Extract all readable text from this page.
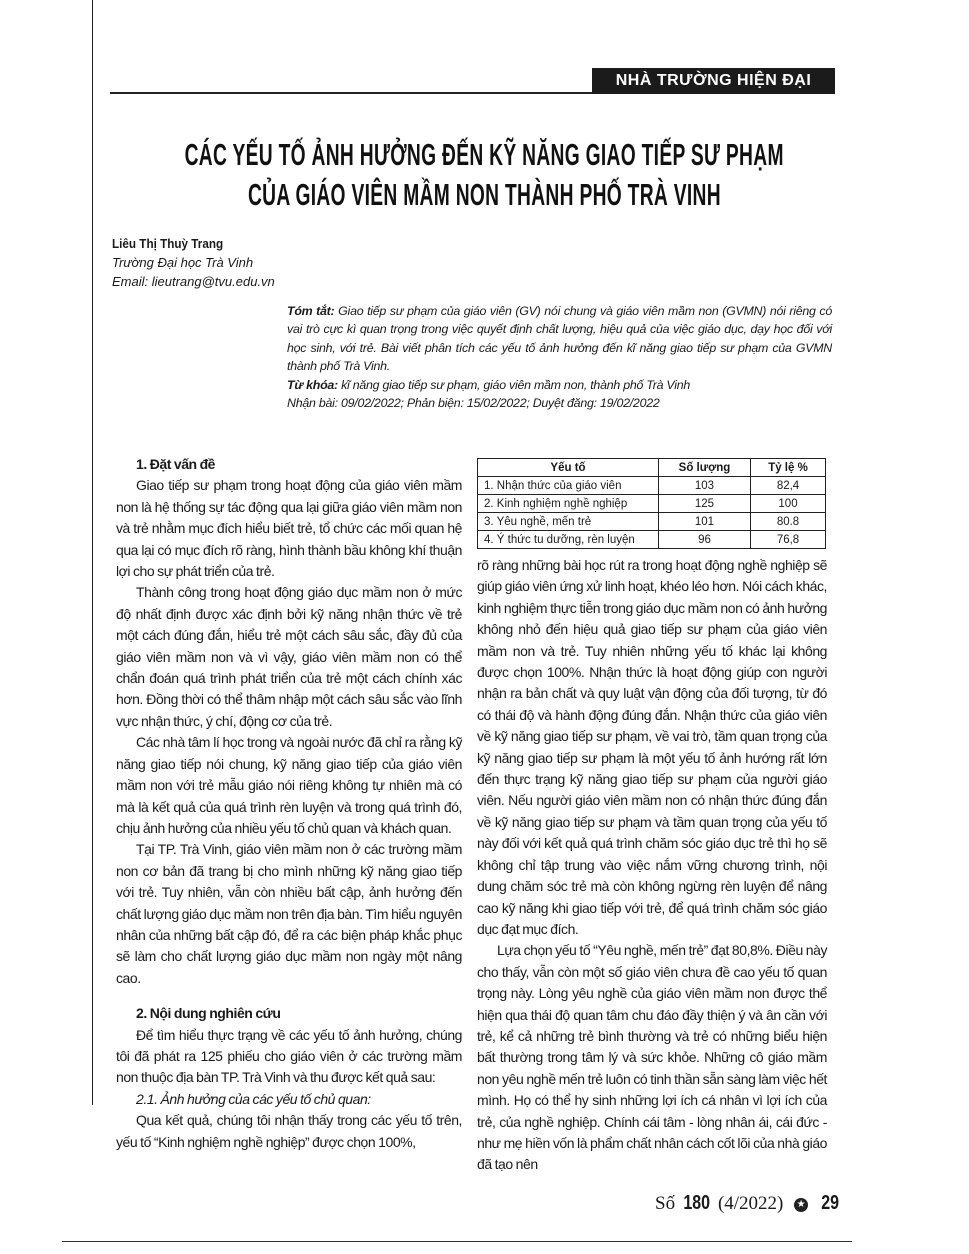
NHÀ TRƯỜNG HIỆN ĐẠI
CÁC YẾU TỐ ẢNH HƯỞNG ĐẾN KỸ NĂNG GIAO TIẾP SƯ PHẠM
CỦA GIÁO VIÊN MẦM NON THÀNH PHỐ TRÀ VINH
Liêu Thị Thuỳ Trang
Trường Đại học Trà Vinh
Email: lieutrang@tvu.edu.vn
Tóm tắt: Giao tiếp sư phạm của giáo viên (GV) nói chung và giáo viên mầm non (GVMN) nói riêng có vai trò cực kì quan trọng trong việc quyết định chất lượng, hiệu quả của việc giáo dục, dạy học đối với học sinh, với trẻ. Bài viết phân tích các yếu tố ảnh hưởng đến kĩ năng giao tiếp sư phạm của GVMN thành phố Trà Vinh.
Từ khóa: kĩ năng giao tiếp sư phạm, giáo viên mầm non, thành phố Trà Vinh
Nhận bài: 09/02/2022; Phản biện: 15/02/2022; Duyệt đăng: 19/02/2022
1. Đặt vấn đề

Giao tiếp sư phạm trong hoạt động của giáo viên mầm non là hệ thống sự tác động qua lại giữa giáo viên mầm non và trẻ nhằm mục đích hiểu biết trẻ, tổ chức các mối quan hệ qua lại có mục đích rõ ràng, hình thành bầu không khí thuận lợi cho sự phát triển của trẻ.

Thành công trong hoạt động giáo dục mầm non ở mức độ nhất định được xác định bởi kỹ năng nhận thức về trẻ một cách đúng đắn, hiểu trẻ một cách sâu sắc, đầy đủ của giáo viên mầm non và vì vậy, giáo viên mầm non có thể chẩn đoán quá trình phát triển của trẻ một cách chính xác hơn. Đồng thời có thể thâm nhập một cách sâu sắc vào lĩnh vực nhận thức, ý chí, động cơ của trẻ.

Các nhà tâm lí học trong và ngoài nước đã chỉ ra rằng kỹ năng giao tiếp nói chung, kỹ năng giao tiếp của giáo viên mầm non với trẻ mẫu giáo nói riêng không tự nhiên mà có mà là kết quả của quá trình rèn luyện và trong quá trình đó, chịu ảnh hưởng của nhiều yếu tố chủ quan và khách quan.

Tại TP. Trà Vinh, giáo viên mầm non ở các trường mầm non cơ bản đã trang bị cho mình những kỹ năng giao tiếp với trẻ. Tuy nhiên, vẫn còn nhiều bất cập, ảnh hưởng đến chất lượng giáo dục mầm non trên địa bàn. Tìm hiểu nguyên nhân của những bất cập đó, để ra các biện pháp khắc phục sẽ làm cho chất lượng giáo dục mầm non ngày một nâng cao.

2. Nội dung nghiên cứu

Để tìm hiểu thực trạng về các yếu tố ảnh hưởng, chúng tôi đã phát ra 125 phiếu cho giáo viên ở các trường mầm non thuộc địa bàn TP. Trà Vinh và thu được kết quả sau:

2.1. Ảnh hưởng của các yếu tố chủ quan:

Qua kết quả, chúng tôi nhận thấy trong các yếu tố trên, yếu tố “Kinh nghiệm nghề nghiệp” được chọn 100%,

Yếu tố	Số lượng	Tỷ lệ %
1. Nhận thức của giáo viên	103	82,4
2. Kinh nghiệm nghề nghiệp	125	100
3. Yêu nghề, mến trẻ	101	80.8
4. Ý thức tu dưỡng, rèn luyện	96	76,8

rõ ràng những bài học rút ra trong hoạt động nghề nghiệp sẽ giúp giáo viên ứng xử linh hoạt, khéo léo hơn. Nói cách khác, kinh nghiệm thực tiễn trong giáo dục mầm non có ảnh hưởng không nhỏ đến hiệu quả giao tiếp sư phạm của giáo viên mầm non và trẻ. Tuy nhiên những yếu tố khác lại không được chọn 100%. Nhận thức là hoạt động giúp con người nhận ra bản chất và quy luật vận động của đối tượng, từ đó có thái độ và hành động đúng đắn. Nhận thức của giáo viên về kỹ năng giao tiếp sư phạm, về vai trò, tầm quan trọng của kỹ năng giao tiếp sư phạm là một yếu tố ảnh hướng rất lớn đến thực trạng kỹ năng giao tiếp sư phạm của người giáo viên. Nếu người giáo viên mầm non có nhận thức đúng đắn về kỹ năng giao tiếp sư phạm và tầm quan trọng của yếu tố này đối với kết quả quá trình chăm sóc giáo dục trẻ thì họ sẽ không chỉ tập trung vào việc nắm vững chương trình, nội dung chăm sóc trẻ mà còn không ngừng rèn luyện để nâng cao kỹ năng khi giao tiếp với trẻ, để quá trình chăm sóc giáo dục đạt mục đích.

Lựa chọn yếu tố “Yêu nghề, mến trẻ” đạt 80,8%. Điều này cho thấy, vẫn còn một số giáo viên chưa đề cao yếu tố quan trọng này. Lòng yêu nghề của giáo viên mầm non được thể hiện qua thái độ quan tâm chu đáo đầy thiện ý và ân cần với trẻ, kể cả những trẻ bình thường và trẻ có những biểu hiện bất thường trong tâm lý và sức khỏe. Những cô giáo mầm non yêu nghề mến trẻ luôn có tinh thần sẵn sàng làm việc hết mình. Họ có thể hy sinh những lợi ích cá nhân vì lợi ích của trẻ, của nghề nghiệp. Chính cái tâm - lòng nhân ái, cái đức - như mẹ hiền vốn là phẩm chất nhân cách cốt lõi của nhà giáo đã tạo nên

Số 180 (4/2022) ★ 29
